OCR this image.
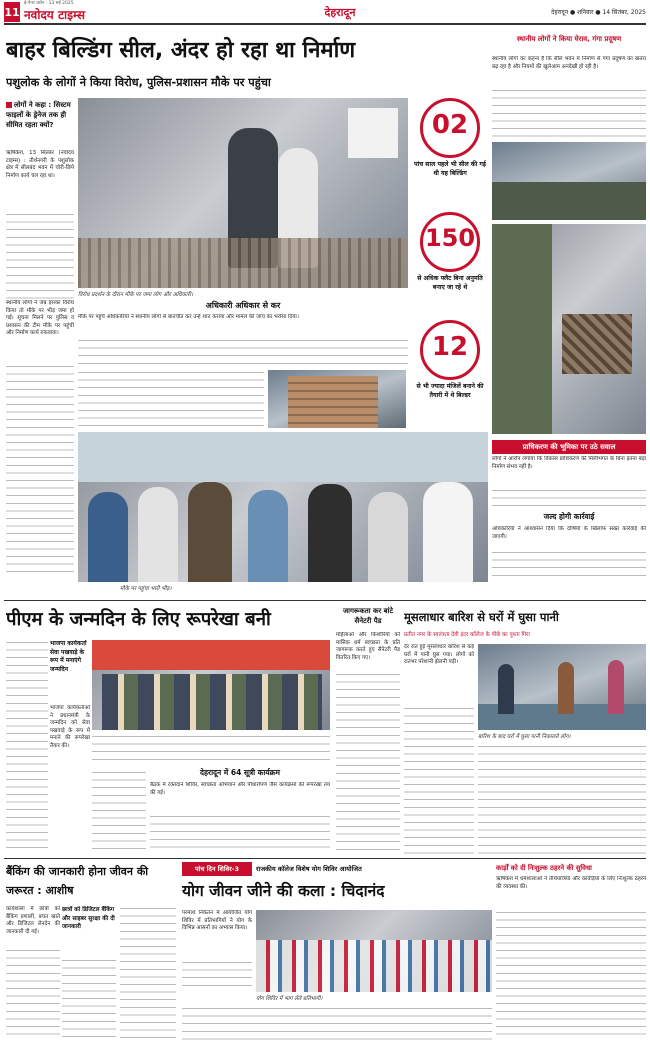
11 नवोदय टाइम्स
ई-पेपर वर्शन : 13 मई 2025
देहरादून	देहरादून ● शनिवार ● 14 सितंबर, 2025
बाहर बिल्डिंग सील, अंदर हो रहा था निर्माण
पशुलोक के लोगों ने किया विरोध, पुलिस-प्रशासन मौके पर पहुंचा
लोगों ने कहा : सिस्टम फाइलों के ड्रेनेज तक ही सीमित रहता क्यों?
ऋषिकेश, 13 सितंबर (नवोदय टाइम्स) : तीर्थनगरी के पशुलोक क्षेत्र में सीलबंद भवन में चोरी-छिपे निर्माण कार्य चल रहा था।
स्थानीय लोगों ने जब इसका विरोध किया तो मौके पर भीड़ जमा हो गई। सूचना मिलने पर पुलिस व प्रशासन की टीम मौके पर पहुंची और निर्माण कार्य रुकवाया।
विरोध प्रदर्शन के दौरान मौके पर जमा लोग और अधिकारी।
02
पांच साल पहले भी सील की गई थी यह बिल्डिंग
150
से अधिक फ्लैट बिना अनुमति बनाए जा रहे थे
12
से भी ज्यादा मंजिलें बनाने की तैयारी में थे बिल्डर
अधिकारी अधिकार से कर
मौके पर पहुंचे अधिकारियों ने स्थानीय लोगों से बातचीत कर उन्हें शांत कराया और मामले की जांच का भरोसा दिया।
मौके पर पहुंचा भारी भीड़।
स्थानीय लोगों ने किया घेराव, गंगा प्रदूषण
स्थानीय लोगों का कहना है कि सील भवन में निर्माण से गंगा प्रदूषण का खतरा बढ़ रहा है और नियमों की खुलेआम अनदेखी हो रही है।
प्राधिकरण की भूमिका पर उठे सवाल
लोगों ने आरोप लगाया कि विकास प्राधिकरण की मिलीभगत के बिना इतना बड़ा निर्माण संभव नहीं है।
जल्द होगी कार्रवाई
अधिकारियों ने आश्वासन दिया कि दोषियों के खिलाफ सख्त कार्रवाई की जाएगी।
पीएम के जन्मदिन के लिए रूपरेखा बनी
भाजपा कार्यकर्ता सेवा पखवाड़े के रूप में मनाएंगे जन्मदिन
भाजपा कार्यकर्ताओं ने प्रधानमंत्री के जन्मदिन को सेवा पखवाड़े के रूप में मनाने की रूपरेखा तैयार की।
देहरादून में 64 सूत्री कार्यक्रम
बैठक में रक्तदान शिविर, स्वच्छता अभियान और पौधारोपण जैसे कार्यक्रमों की रूपरेखा तय की गई।
जागरूकता कर बांटे सैनेटरी पैड
महिलाओं और किशोरियों को मासिक धर्म स्वच्छता के प्रति जागरूक करते हुए सैनेटरी पैड वितरित किए गए।
मूसलाधार बारिश से घरों में घुसा पानी
प्रतीत नगर के स्वतंत्रता देवी इंटर कॉलेज के पीछे का पुश्ता गिरा
देर रात हुई मूसलाधार बारिश से कई घरों में पानी घुस गया। लोगों को रातभर परेशानी झेलनी पड़ी।
बारिश के बाद घरों में घुसा पानी निकालते लोग।
बैंकिंग की जानकारी होना जीवन की जरूरत : आशीष
कार्यशाला में छात्रों को बैंकिंग प्रणाली, बचत खाते और डिजिटल लेनदेन की जानकारी दी गई।
छात्रों को डिजिटल बैंकिंग और साइबर सुरक्षा की दी जानकारी
पांच दिन शिविर-3	राजकीय कॉलेज विशेष योग शिविर आयोजित
योग जीवन जीने की कला : चिदानंद
परमार्थ निकेतन में आयोजित योग शिविर में प्रतिभागियों ने योग के विभिन्न आसनों का अभ्यास किया।
योग शिविर में भाग लेते प्रतिभागी।
कार्ड़ों को दी निःशुल्क ठहरने की सुविधा
ऋषिकेश में धर्मशालाओं ने तीर्थयात्रियों और कांवड़ियों के लिए निःशुल्क ठहरने की व्यवस्था की।
